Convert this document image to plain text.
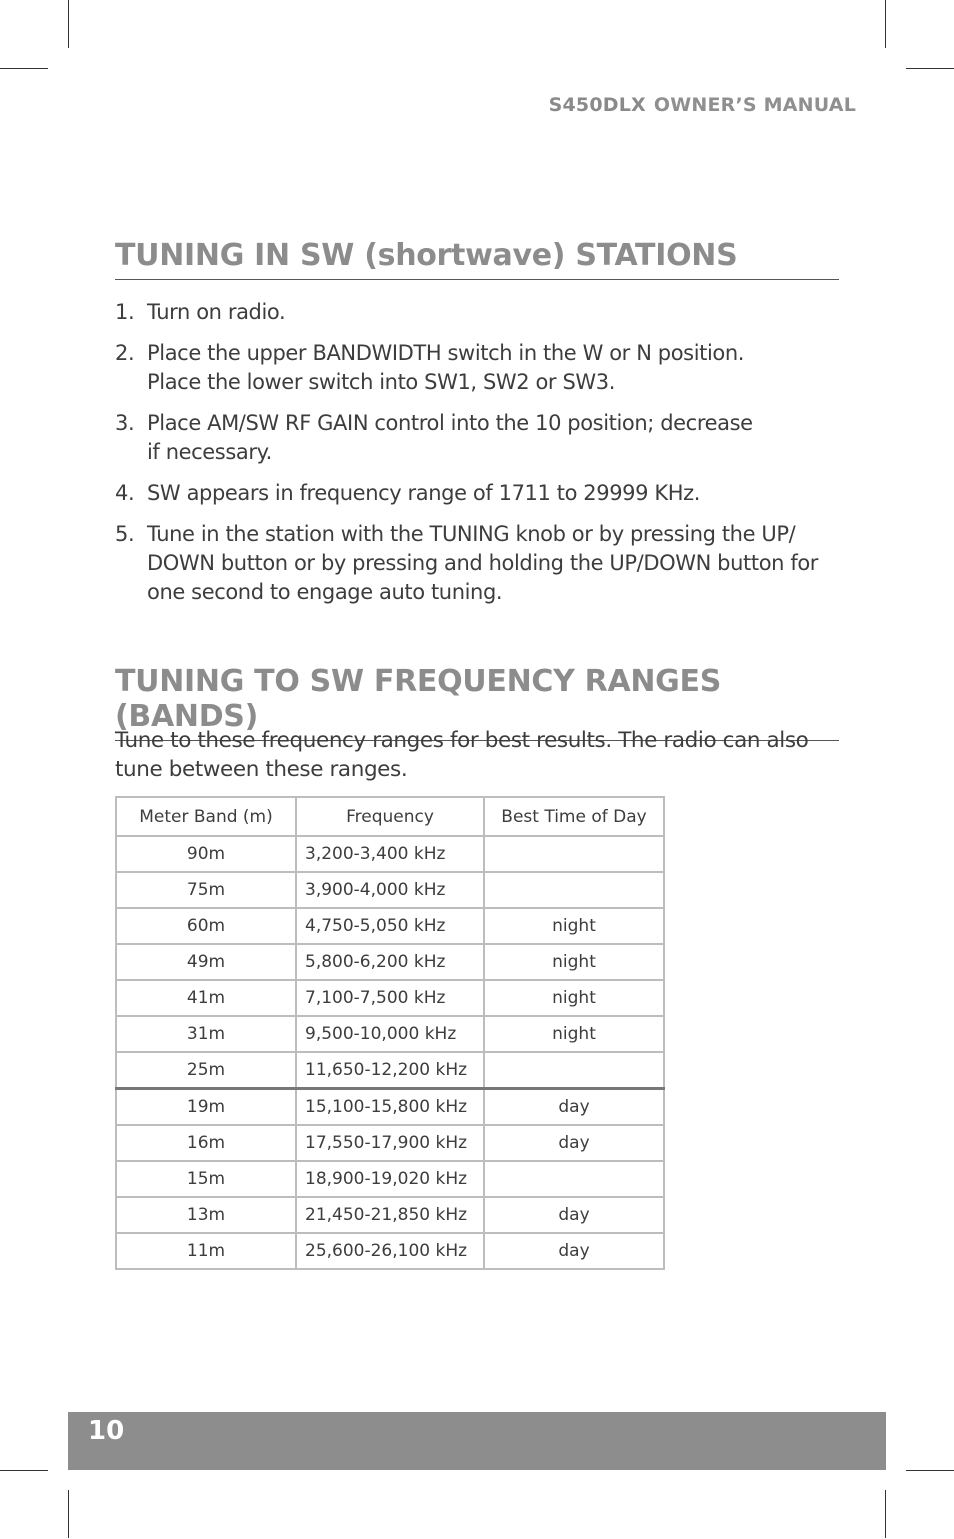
S450DLX OWNER’S MANUAL
TUNING IN SW (shortwave) STATIONS
1. Turn on radio.
2. Place the upper BANDWIDTH switch in the W or N position.
Place the lower switch into SW1, SW2 or SW3.
3. Place AM/SW RF GAIN control into the 10 position; decrease
if necessary.
4. SW appears in frequency range of 1711 to 29999 KHz.
5. Tune in the station with the TUNING knob or by pressing the UP/
DOWN button or by pressing and holding the UP/DOWN button for
one second to engage auto tuning.
TUNING TO SW FREQUENCY RANGES (BANDS)
Tune to these frequency ranges for best results. The radio can also
tune between these ranges.
Meter Band (m)	Frequency	Best Time of Day
90m	3,200-3,400 kHz	
75m	3,900-4,000 kHz	
60m	4,750-5,050 kHz	night
49m	5,800-6,200 kHz	night
41m	7,100-7,500 kHz	night
31m	9,500-10,000 kHz	night
25m	11,650-12,200 kHz	
19m	15,100-15,800 kHz	day
16m	17,550-17,900 kHz	day
15m	18,900-19,020 kHz	
13m	21,450-21,850 kHz	day
11m	25,600-26,100 kHz	day
10
